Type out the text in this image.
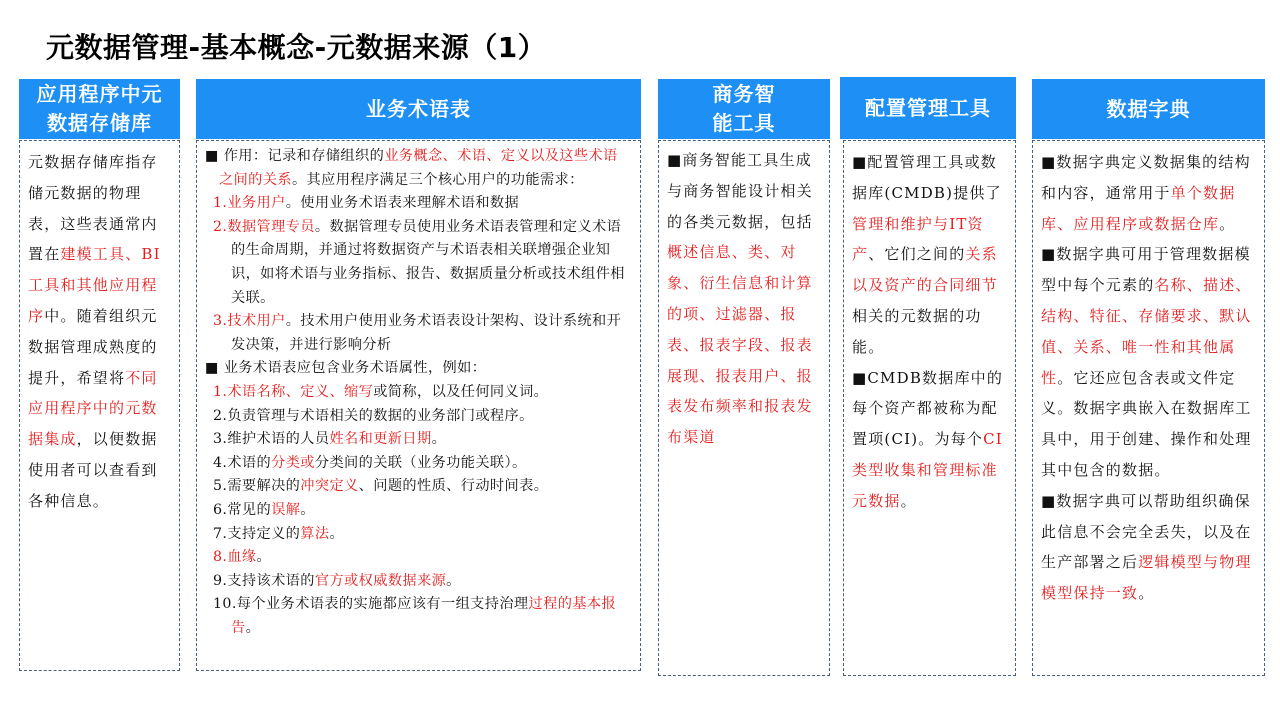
元数据管理-基本概念-元数据来源（1）
应用程序中元
数据存储库
业务术语表
商务智
能工具
配置管理工具	数据字典

元数据存储库指存储元数据的物理表，这些表通常内置在建模工具、BI工具和其他应用程序中。随着组织元数据管理成熟度的提升，希望将不同应用程序中的元数据集成，以便数据使用者可以查看到各种信息。

■ 作用：记录和存储组织的业务概念、术语、定义以及这些术语之间的关系。其应用程序满足三个核心用户的功能需求：

1.业务用户。使用业务术语表来理解术语和数据

2.数据管理专员。数据管理专员使用业务术语表管理和定义术语的生命周期，并通过将数据资产与术语表相关联增强企业知识，如将术语与业务指标、报告、数据质量分析或技术组件相关联。

3.技术用户。技术用户使用业务术语表设计架构、设计系统和开发决策，并进行影响分析

■ 业务术语表应包含业务术语属性，例如：

1.术语名称、定义、缩写或简称，以及任何同义词。

2.负责管理与术语相关的数据的业务部门或程序。

3.维护术语的人员姓名和更新日期。

4.术语的分类或分类间的关联（业务功能关联）。

5.需要解决的冲突定义、问题的性质、行动时间表。

6.常见的误解。

7.支持定义的算法。

8.血缘。

9.支持该术语的官方或权威数据来源。

10.每个业务术语表的实施都应该有一组支持治理过程的基本报告。

■商务智能工具生成与商务智能设计相关的各类元数据，包括概述信息、类、对象、衍生信息和计算的项、过滤器、报表、报表字段、报表展现、报表用户、报表发布频率和报表发布渠道

■配置管理工具或数据库(CMDB)提供了管理和维护与IT资产、它们之间的关系以及资产的合同细节相关的元数据的功能。

■CMDB数据库中的每个资产都被称为配置项(CI)。为每个CI类型收集和管理标准元数据。

■数据字典定义数据集的结构和内容，通常用于单个数据库、应用程序或数据仓库。

■数据字典可用于管理数据模型中每个元素的名称、描述、结构、特征、存储要求、默认值、关系、唯一性和其他属性。它还应包含表或文件定义。数据字典嵌入在数据库工具中，用于创建、操作和处理其中包含的数据。

■数据字典可以帮助组织确保此信息不会完全丢失，以及在生产部署之后逻辑模型与物理模型保持一致。
